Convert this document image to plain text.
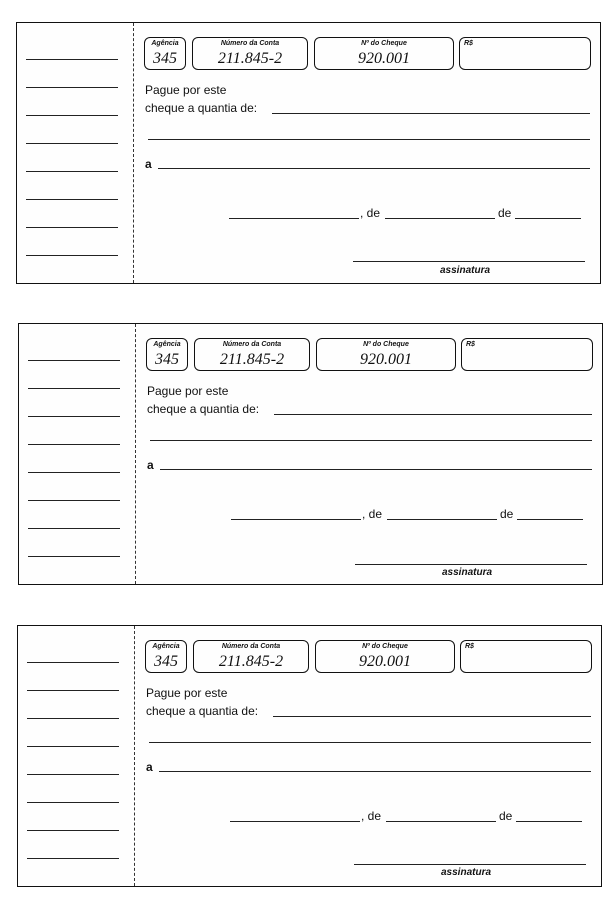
Agência
345
Número da Conta
211.845-2
Nº do Cheque
920.001
R$
Pague por este
cheque a quantia de:
a
, de	de
assinatura
Agência
345
Número da Conta
211.845-2
Nº do Cheque
920.001
R$
Pague por este
cheque a quantia de:
a
, de	de
assinatura
Agência
345
Número da Conta
211.845-2
Nº do Cheque
920.001
R$
Pague por este
cheque a quantia de:
a
, de	de
assinatura
